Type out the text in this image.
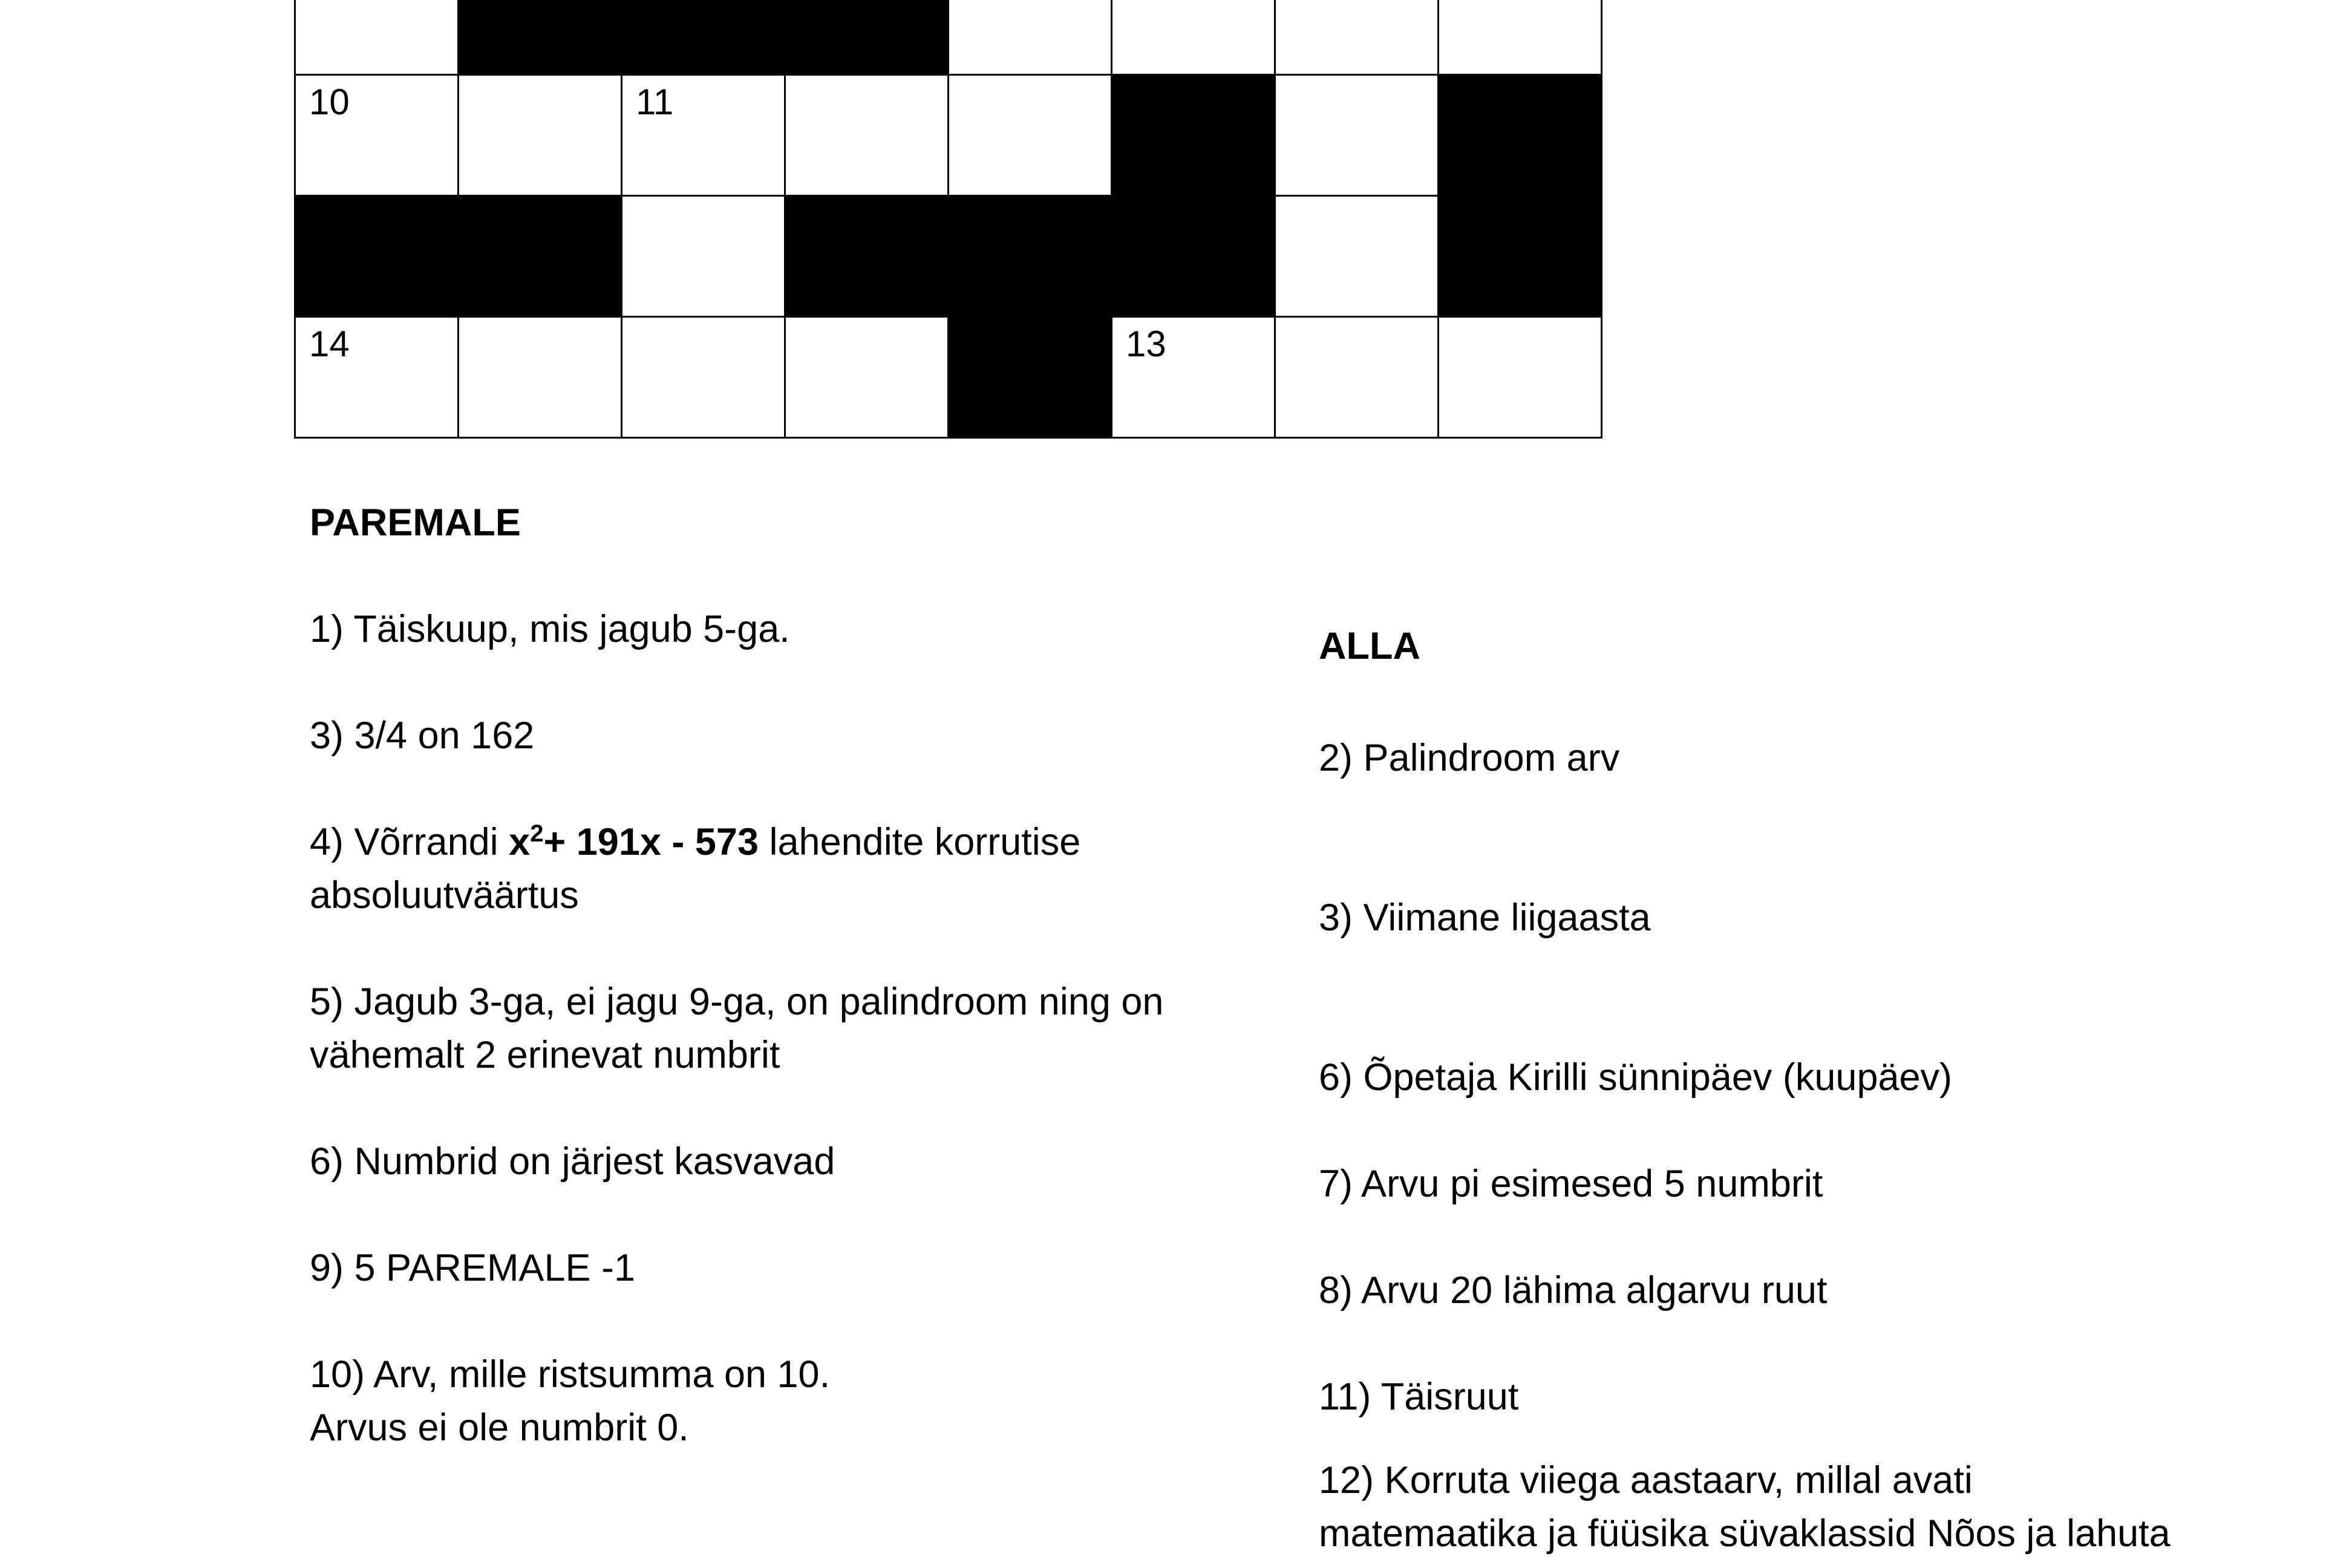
10	11
14	13

PAREMALE

1) Täiskuup, mis jagub 5-ga.

3) 3/4 on 162

4) Võrrandi $x^2+ 191x - 573$ lahendite korrutise
absoluutväärtus

5) Jagub 3-ga, ei jagu 9-ga, on palindroom ning on
vähemalt 2 erinevat numbrit

6) Numbrid on järjest kasvavad

9) 5 PAREMALE -1

10) Arv, mille ristsumma on 10.
Arvus ei ole numbrit 0.

ALLA

2) Palindroom arv

3) Viimane liigaasta

6) Õpetaja Kirilli sünnipäev (kuupäev)

7) Arvu pi esimesed 5 numbrit

8) Arvu 20 lähima algarvu ruut

11) Täisruut

12) Korruta viiega aastaarv, millal avati
matemaatika ja füüsika süvaklassid Nõos ja lahuta
